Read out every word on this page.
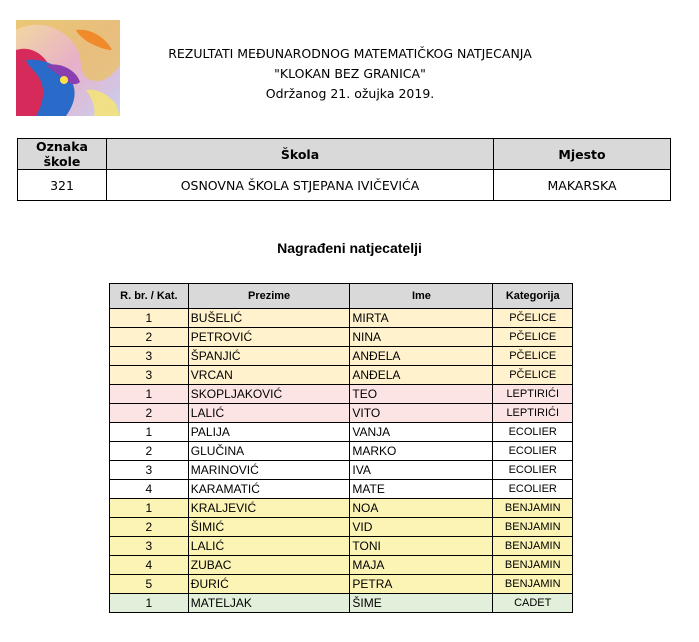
REZULTATI MEĐUNARODNOG MATEMATIČKOG NATJECANJA
"KLOKAN BEZ GRANICA"
Održanog 21. ožujka 2019.
Oznaka škole	Škola	Mjesto
321	OSNOVNA ŠKOLA STJEPANA IVIČEVIĆA	MAKARSKA
Nagrađeni natjecatelji
R. br. / Kat.	Prezime	Ime	Kategorija
1	BUŠELIĆ	MIRTA	PČELICE
2	PETROVIĆ	NINA	PČELICE
3	ŠPANJIĆ	ANĐELA	PČELICE
3	VRCAN	ANĐELA	PČELICE
1	SKOPLJAKOVIĆ	TEO	LEPTIRIĆI
2	LALIĆ	VITO	LEPTIRIĆI
1	PALIJA	VANJA	ECOLIER
2	GLUČINA	MARKO	ECOLIER
3	MARINOVIĆ	IVA	ECOLIER
4	KARAMATIĆ	MATE	ECOLIER
1	KRALJEVIĆ	NOA	BENJAMIN
2	ŠIMIĆ	VID	BENJAMIN
3	LALIĆ	TONI	BENJAMIN
4	ZUBAC	MAJA	BENJAMIN
5	ĐURIĆ	PETRA	BENJAMIN
1	MATELJAK	ŠIME	CADET
